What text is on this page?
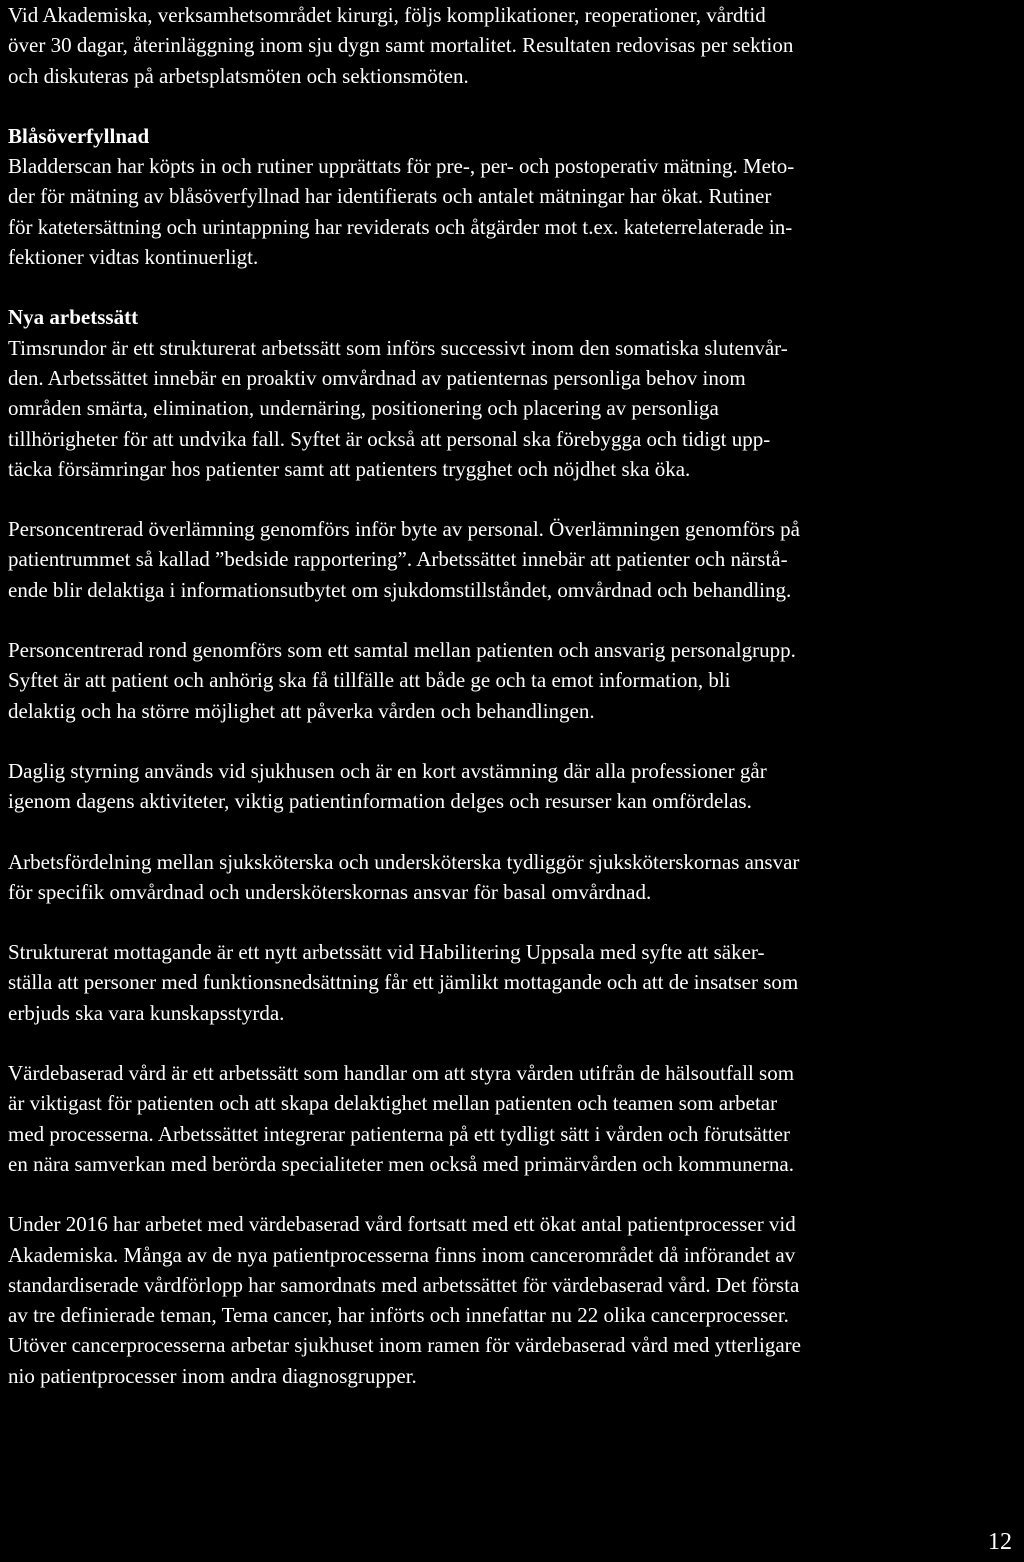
Vid Akademiska, verksamhetsområdet kirurgi, följs komplikationer, reoperationer, vårdtid

över 30 dagar, återinläggning inom sju dygn samt mortalitet. Resultaten redovisas per sektion

och diskuteras på arbetsplatsmöten och sektionsmöten.

Blåsöverfyllnad

Bladderscan har köpts in och rutiner upprättats för pre-, per- och postoperativ mätning. Meto-

der för mätning av blåsöverfyllnad har identifierats och antalet mätningar har ökat. Rutiner

för katetersättning och urintappning har reviderats och åtgärder mot t.ex. kateterrelaterade in-

fektioner vidtas kontinuerligt.

Nya arbetssätt

Timsrundor är ett strukturerat arbetssätt som införs successivt inom den somatiska slutenvår-

den. Arbetssättet innebär en proaktiv omvårdnad av patienternas personliga behov inom

områden smärta, elimination, undernäring, positionering och placering av personliga

tillhörigheter för att undvika fall. Syftet är också att personal ska förebygga och tidigt upp-

täcka försämringar hos patienter samt att patienters trygghet och nöjdhet ska öka.

Personcentrerad överlämning genomförs inför byte av personal. Överlämningen genomförs på

patientrummet så kallad ”bedside rapportering”. Arbetssättet innebär att patienter och närstå-

ende blir delaktiga i informationsutbytet om sjukdomstillståndet, omvårdnad och behandling.

Personcentrerad rond genomförs som ett samtal mellan patienten och ansvarig personalgrupp.

Syftet är att patient och anhörig ska få tillfälle att både ge och ta emot information, bli

delaktig och ha större möjlighet att påverka vården och behandlingen.

Daglig styrning används vid sjukhusen och är en kort avstämning där alla professioner går

igenom dagens aktiviteter, viktig patientinformation delges och resurser kan omfördelas.

Arbetsfördelning mellan sjuksköterska och undersköterska tydliggör sjuksköterskornas ansvar

för specifik omvårdnad och undersköterskornas ansvar för basal omvårdnad.

Strukturerat mottagande är ett nytt arbetssätt vid Habilitering Uppsala med syfte att säker-

ställa att personer med funktionsnedsättning får ett jämlikt mottagande och att de insatser som

erbjuds ska vara kunskapsstyrda.

Värdebaserad vård är ett arbetssätt som handlar om att styra vården utifrån de hälsoutfall som

är viktigast för patienten och att skapa delaktighet mellan patienten och teamen som arbetar

med processerna. Arbetssättet integrerar patienterna på ett tydligt sätt i vården och förutsätter

en nära samverkan med berörda specialiteter men också med primärvården och kommunerna.

Under 2016 har arbetet med värdebaserad vård fortsatt med ett ökat antal patientprocesser vid

Akademiska. Många av de nya patientprocesserna finns inom cancerområdet då införandet av

standardiserade vårdförlopp har samordnats med arbetssättet för värdebaserad vård. Det första

av tre definierade teman, Tema cancer, har införts och innefattar nu 22 olika cancerprocesser.

Utöver cancerprocesserna arbetar sjukhuset inom ramen för värdebaserad vård med ytterligare

nio patientprocesser inom andra diagnosgrupper.

12
